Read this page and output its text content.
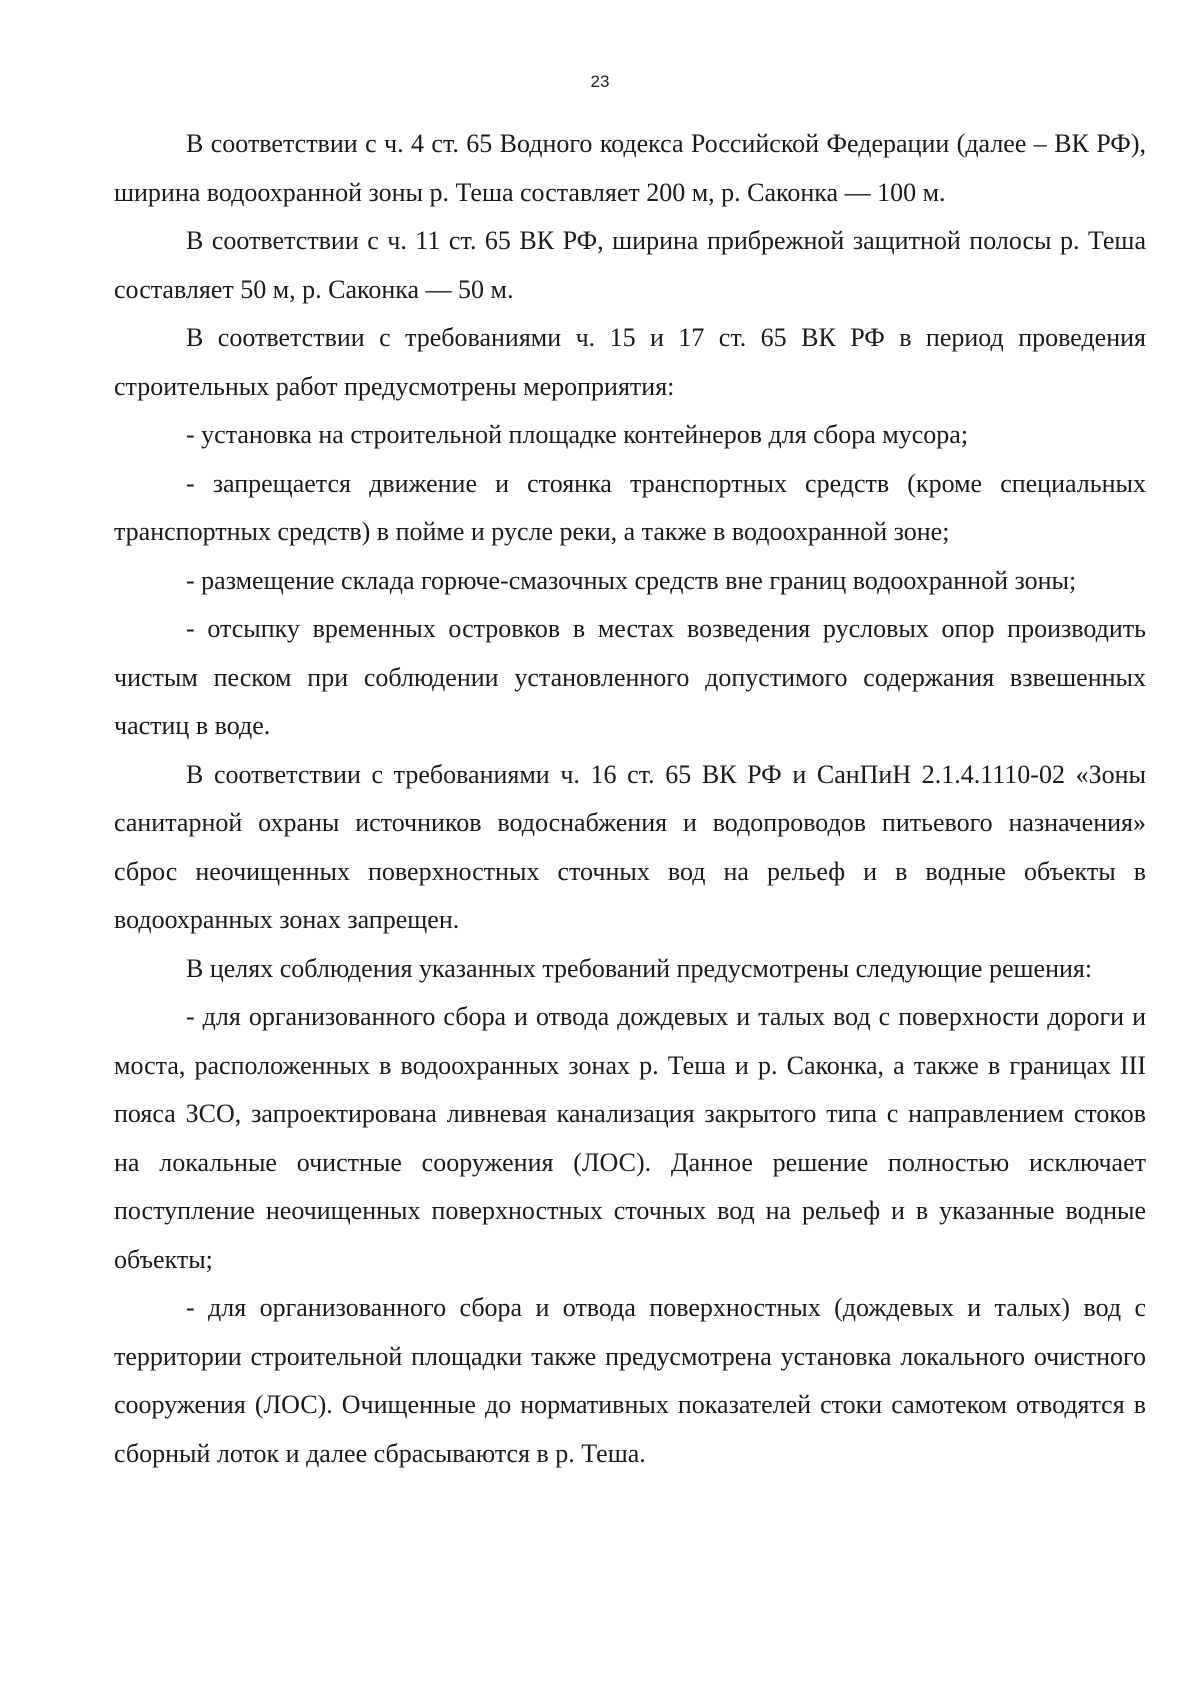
23

В соответствии с ч. 4 ст. 65 Водного кодекса Российской Федерации (далее – ВК РФ), ширина водоохранной зоны р. Теша составляет 200 м, р. Саконка — 100 м.

В соответствии с ч. 11 ст. 65 ВК РФ, ширина прибрежной защитной полосы р. Теша составляет 50 м, р. Саконка — 50 м.

В соответствии с требованиями ч. 15 и 17 ст. 65 ВК РФ в период проведения строительных работ предусмотрены мероприятия:

- установка на строительной площадке контейнеров для сбора мусора;

- запрещается движение и стоянка транспортных средств (кроме специальных транспортных средств) в пойме и русле реки, а также в водоохранной зоне;

- размещение склада горюче-смазочных средств вне границ водоохранной зоны;

- отсыпку временных островков в местах возведения русловых опор производить чистым песком при соблюдении установленного допустимого содержания взвешенных частиц в воде.

В соответствии с требованиями ч. 16 ст. 65 ВК РФ и СанПиН 2.1.4.1110-02 «Зоны санитарной охраны источников водоснабжения и водопроводов питьевого назначения» сброс неочищенных поверхностных сточных вод на рельеф и в водные объекты в водоохранных зонах запрещен.

В целях соблюдения указанных требований предусмотрены следующие решения:

- для организованного сбора и отвода дождевых и талых вод с поверхности дороги и моста, расположенных в водоохранных зонах р. Теша и р. Саконка, а также в границах III пояса ЗСО, запроектирована ливневая канализация закрытого типа с направлением стоков на локальные очистные сооружения (ЛОС). Данное решение полностью исключает поступление неочищенных поверхностных сточных вод на рельеф и в указанные водные объекты;

- для организованного сбора и отвода поверхностных (дождевых и талых) вод с территории строительной площадки также предусмотрена установка локального очистного сооружения (ЛОС). Очищенные до нормативных показателей стоки самотеком отводятся в сборный лоток и далее сбрасываются в р. Теша.
